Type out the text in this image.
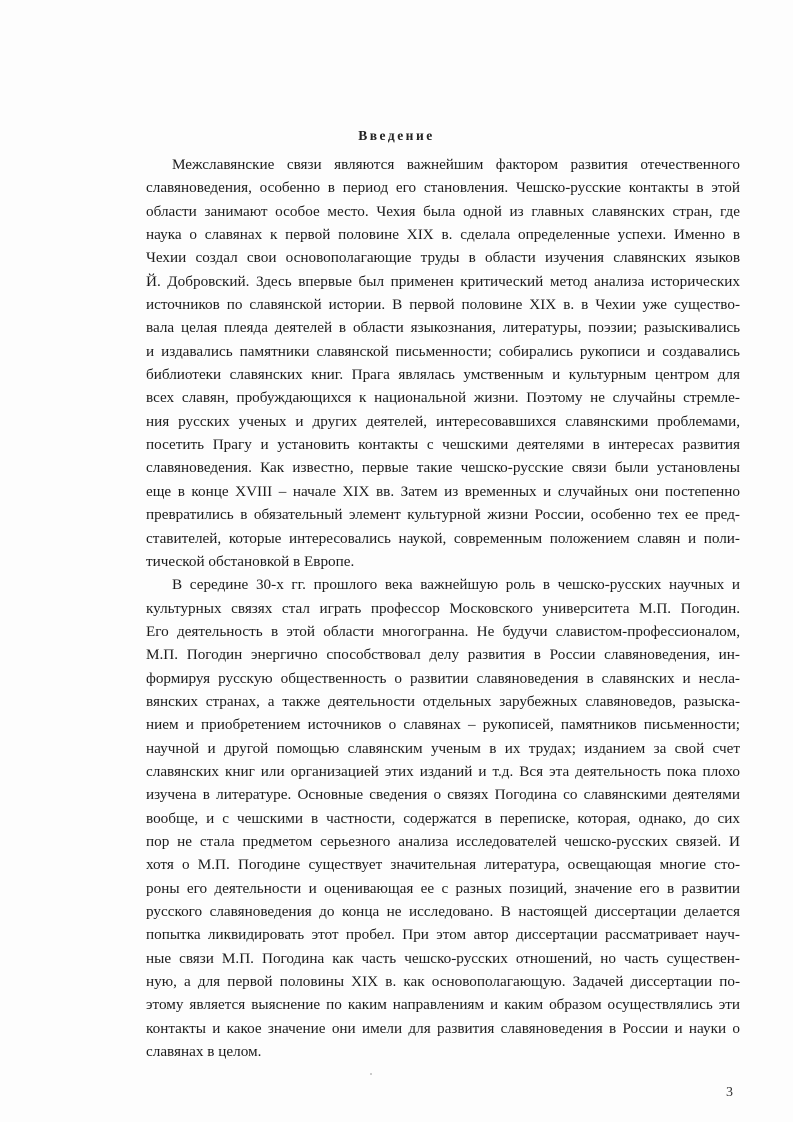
Введение
Межславянские связи являются важнейшим фактором развития отечественного
славяноведения, особенно в период его становления. Чешско-русские контакты в этой
области занимают особое место. Чехия была одной из главных славянских стран, где
наука о славянах к первой половине XIX в. сделала определенные успехи. Именно в
Чехии создал свои основополагающие труды в области изучения славянских языков
Й. Добровский. Здесь впервые был применен критический метод анализа исторических
источников по славянской истории. В первой половине XIX в. в Чехии уже существо-
вала целая плеяда деятелей в области языкознания, литературы, поэзии; разыскивались
и издавались памятники славянской письменности; собирались рукописи и создавались
библиотеки славянских книг. Прага являлась умственным и культурным центром для
всех славян, пробуждающихся к национальной жизни. Поэтому не случайны стремле-
ния русских ученых и других деятелей, интересовавшихся славянскими проблемами,
посетить Прагу и установить контакты с чешскими деятелями в интересах развития
славяноведения. Как известно, первые такие чешско-русские связи были установлены
еще в конце XVIII – начале XIX вв. Затем из временных и случайных они постепенно
превратились в обязательный элемент культурной жизни России, особенно тех ее пред-
ставителей, которые интересовались наукой, современным положением славян и поли-
тической обстановкой в Европе.
В середине 30-х гг. прошлого века важнейшую роль в чешско-русских научных и
культурных связях стал играть профессор Московского университета М.П. Погодин.
Его деятельность в этой области многогранна. Не будучи славистом-профессионалом,
М.П. Погодин энергично способствовал делу развития в России славяноведения, ин-
формируя русскую общественность о развитии славяноведения в славянских и несла-
вянских странах, а также деятельности отдельных зарубежных славяноведов, разыска-
нием и приобретением источников о славянах – рукописей, памятников письменности;
научной и другой помощью славянским ученым в их трудах; изданием за свой счет
славянских книг или организацией этих изданий и т.д. Вся эта деятельность пока плохо
изучена в литературе. Основные сведения о связях Погодина со славянскими деятелями
вообще, и с чешскими в частности, содержатся в переписке, которая, однако, до сих
пор не стала предметом серьезного анализа исследователей чешско-русских связей. И
хотя о М.П. Погодине существует значительная литература, освещающая многие сто-
роны его деятельности и оценивающая ее с разных позиций, значение его в развитии
русского славяноведения до конца не исследовано. В настоящей диссертации делается
попытка ликвидировать этот пробел. При этом автор диссертации рассматривает науч-
ные связи М.П. Погодина как часть чешско-русских отношений, но часть существен-
ную, а для первой половины XIX в. как основополагающую. Задачей диссертации по-
этому является выяснение по каким направлениям и каким образом осуществлялись эти
контакты и какое значение они имели для развития славяноведения в России и науки о
славянах в целом.
3
